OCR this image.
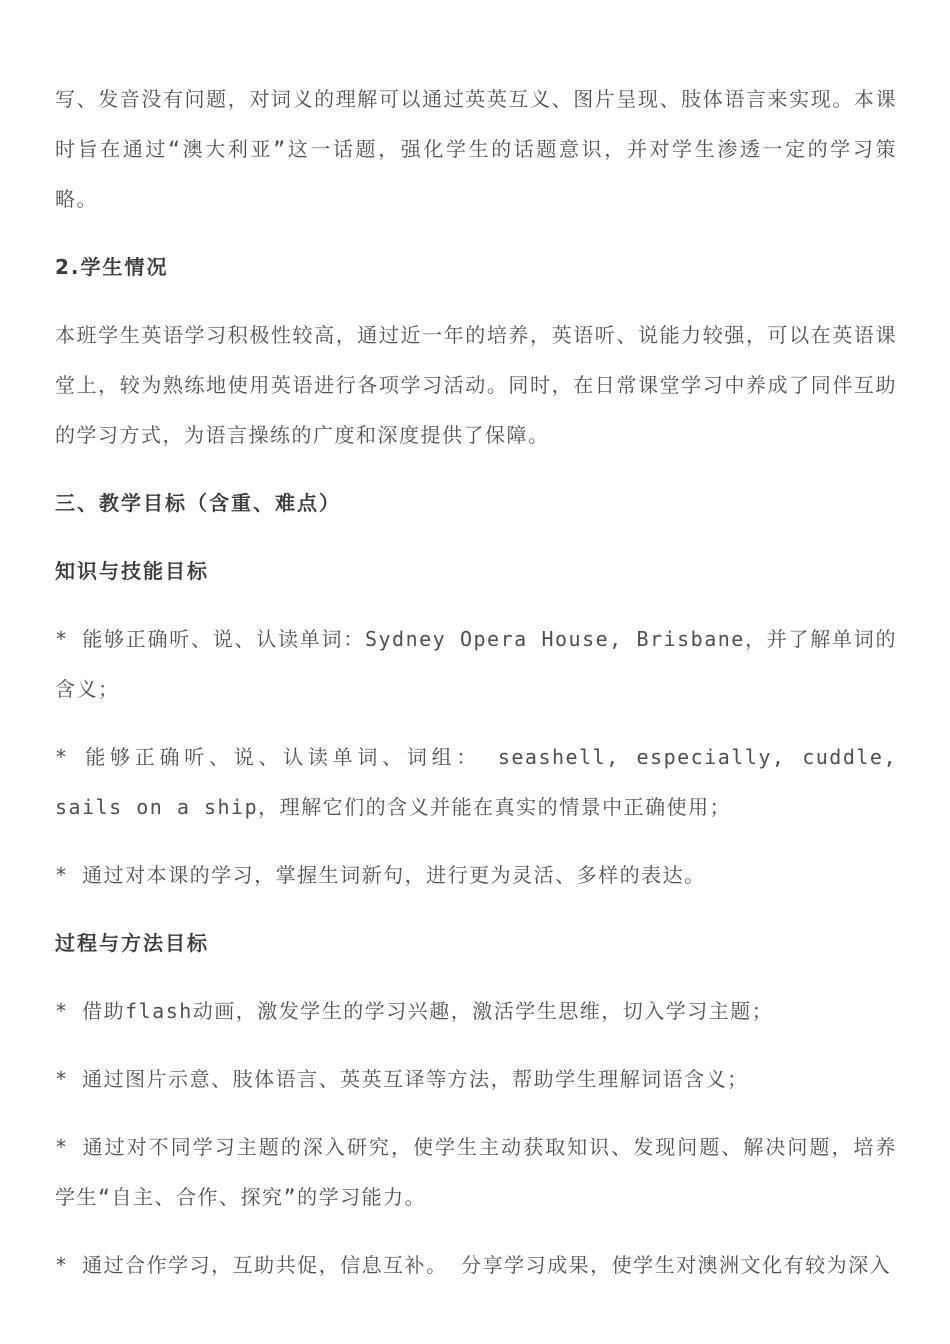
写、发音没有问题，对词义的理解可以通过英英互义、图片呈现、肢体语言来实现。本课时旨在通过“澳大利亚”这一话题，强化学生的话题意识，并对学生渗透一定的学习策略。

2.学生情况

本班学生英语学习积极性较高，通过近一年的培养，英语听、说能力较强，可以在英语课堂上，较为熟练地使用英语进行各项学习活动。同时，在日常课堂学习中养成了同伴互助的学习方式，为语言操练的广度和深度提供了保障。

三、教学目标（含重、难点）

知识与技能目标

* 能够正确听、说、认读单词：Sydney Opera House, Brisbane，并了解单词的含义；

* 能够正确听、说、认读单词、词组： seashell, especially, cuddle, sails on a ship，理解它们的含义并能在真实的情景中正确使用；

* 通过对本课的学习，掌握生词新句，进行更为灵活、多样的表达。

过程与方法目标

* 借助flash动画，激发学生的学习兴趣，激活学生思维，切入学习主题；

* 通过图片示意、肢体语言、英英互译等方法，帮助学生理解词语含义；

* 通过对不同学习主题的深入研究，使学生主动获取知识、发现问题、解决问题，培养学生“自主、合作、探究”的学习能力。

* 通过合作学习，互助共促，信息互补。 分享学习成果，使学生对澳洲文化有较为深入
